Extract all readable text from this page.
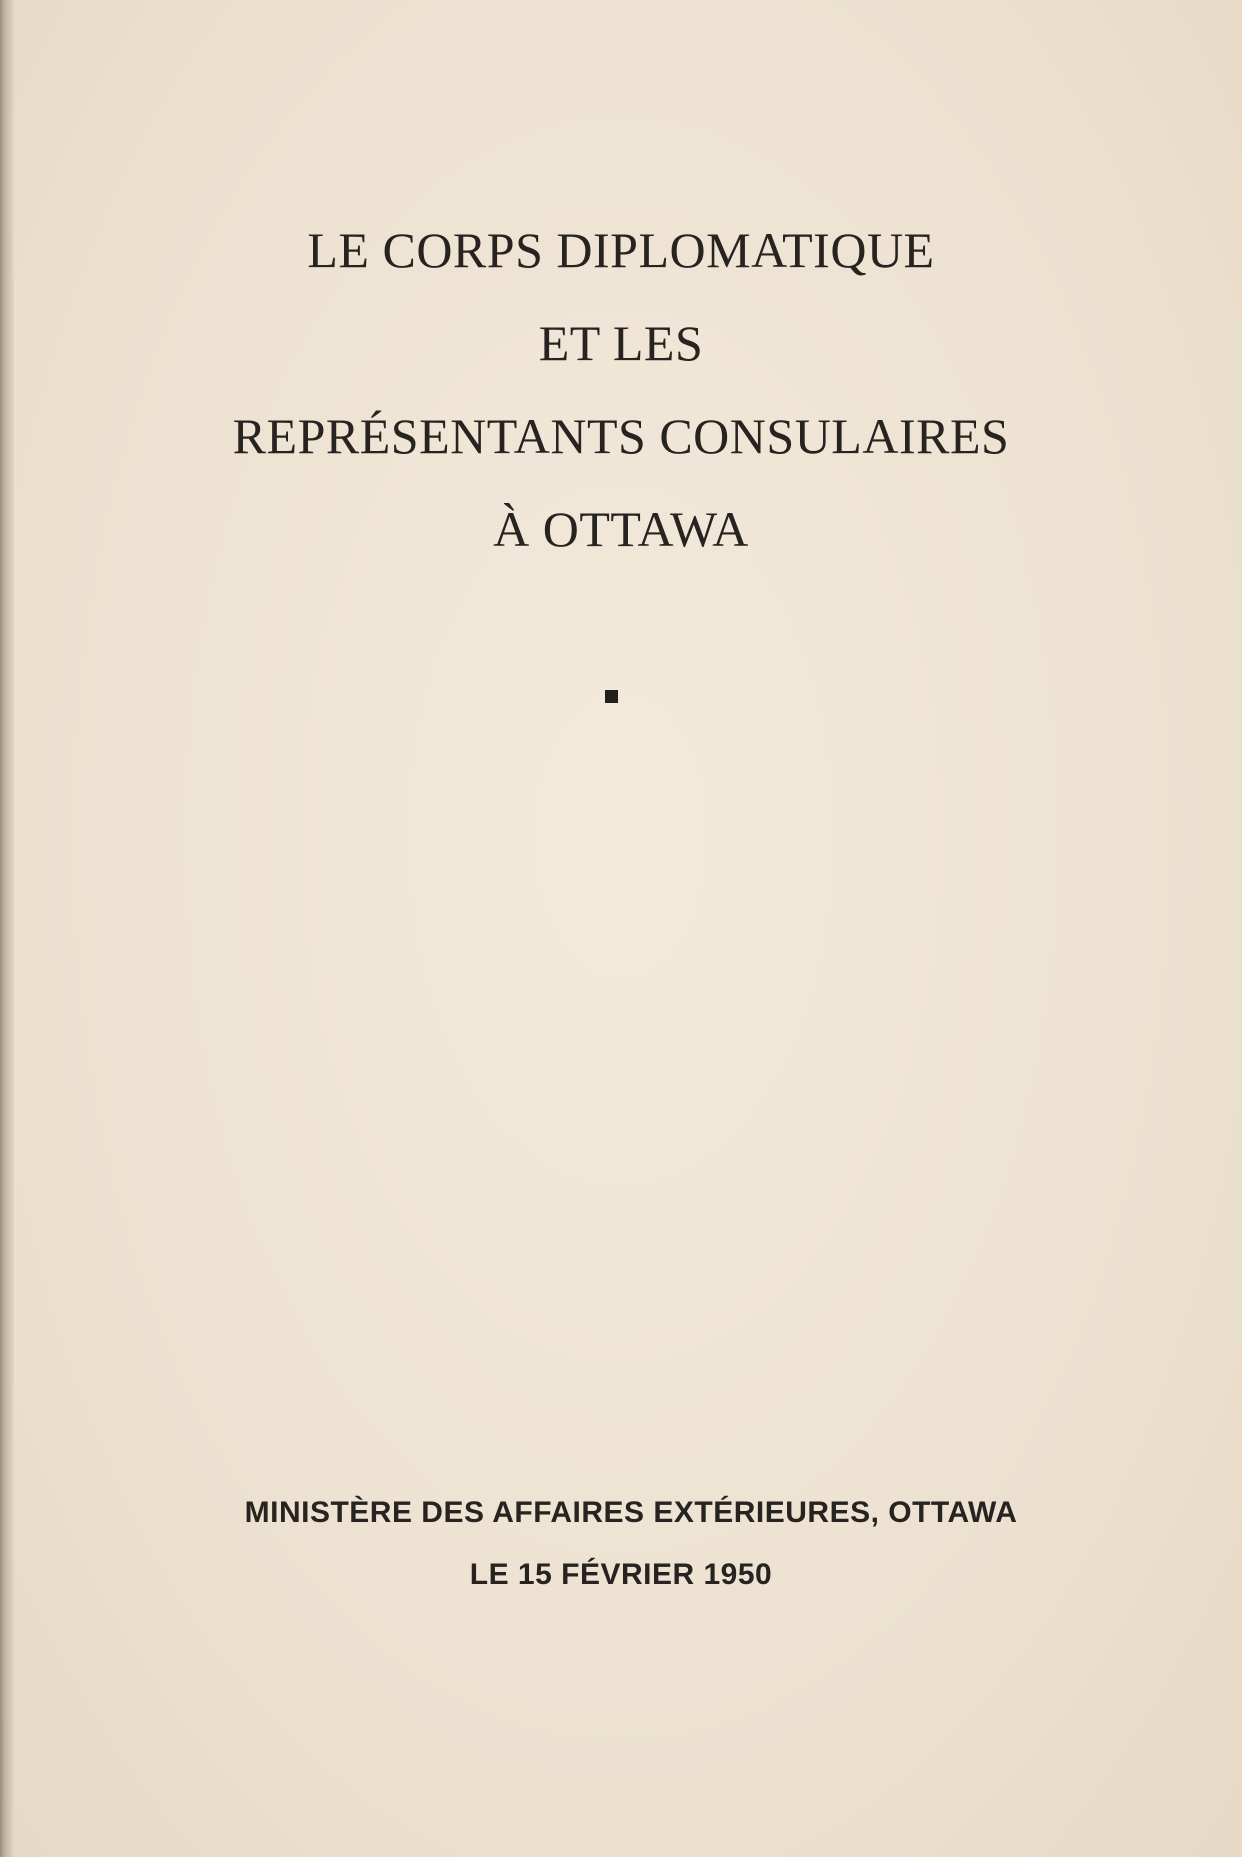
LE CORPS DIPLOMATIQUE
ET LES
REPRÉSENTANTS CONSULAIRES
À OTTAWA
MINISTÈRE DES AFFAIRES EXTÉRIEURES, OTTAWA
LE 15 FÉVRIER 1950
